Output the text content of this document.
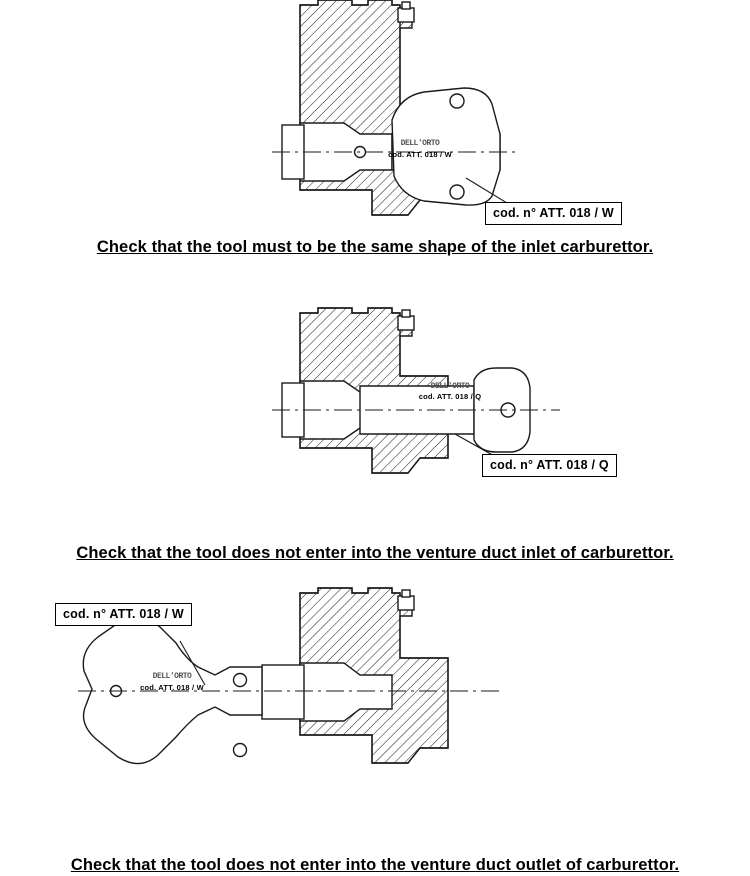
DELL'ORTO
cod. ATT. 018 / W
cod. n° ATT. 018 / W
Check that the tool must to be the same shape of the inlet carburettor.
DELL'ORTO
cod. ATT. 018 / Q
cod. n° ATT. 018 / Q
Check that the tool does not enter into the venture duct inlet of carburettor.
DELL'ORTO
cod. ATT. 018 / W
cod. n° ATT. 018 / W
Check that the tool does not enter into the venture duct outlet of carburettor.
